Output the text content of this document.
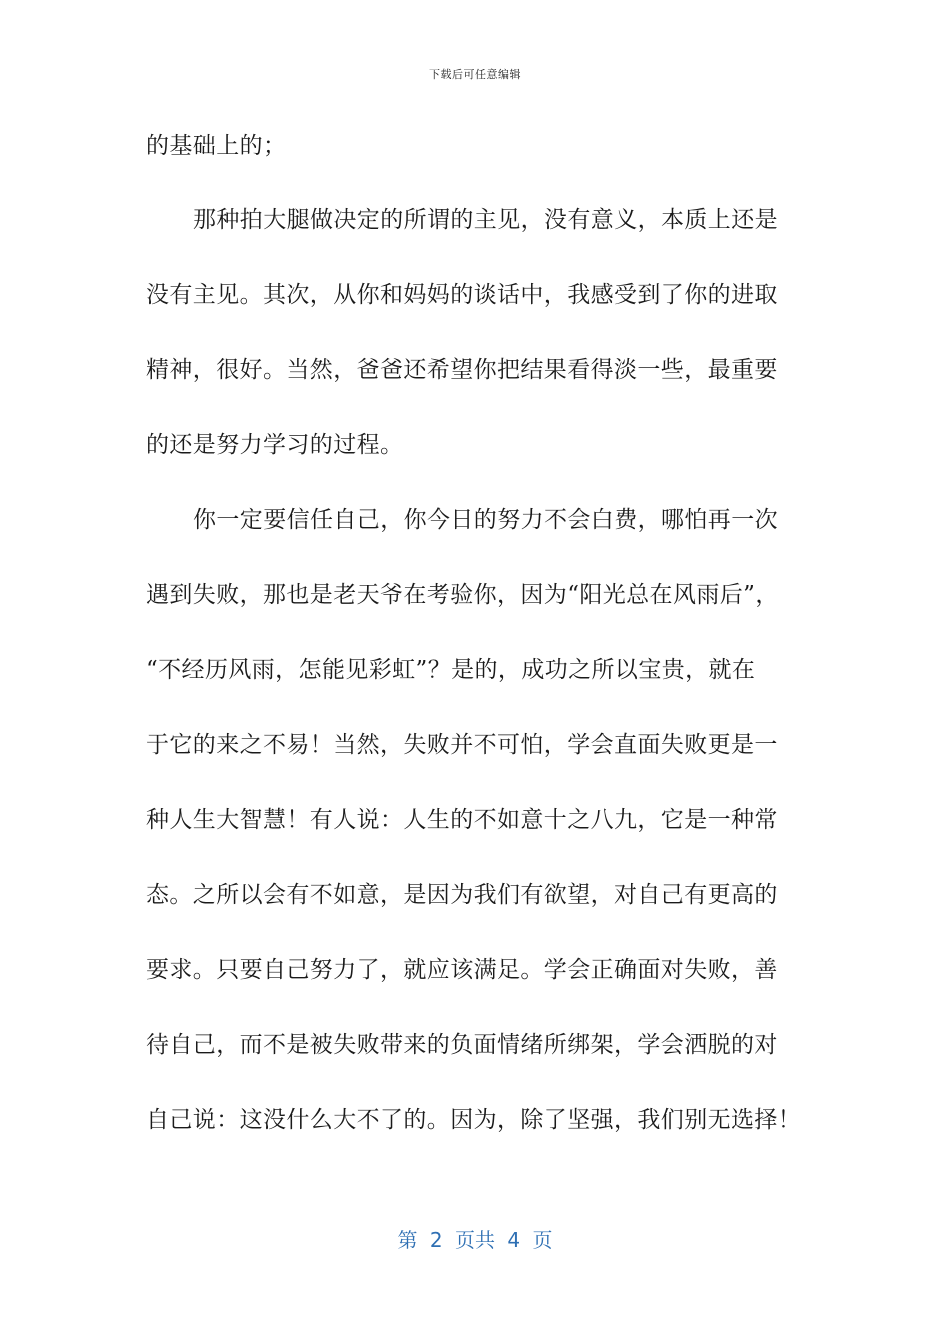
下载后可任意编辑
的基础上的；
那种拍大腿做决定的所谓的主见，没有意义，本质上还是
没有主见。其次，从你和妈妈的谈话中，我感受到了你的进取
精神，很好。当然，爸爸还希望你把结果看得淡一些，最重要
的还是努力学习的过程。
你一定要信任自己，你今日的努力不会白费，哪怕再一次
遇到失败，那也是老天爷在考验你，因为“阳光总在风雨后”，
“不经历风雨，怎能见彩虹”？是的，成功之所以宝贵，就在
于它的来之不易！当然，失败并不可怕，学会直面失败更是一
种人生大智慧！有人说：人生的不如意十之八九，它是一种常
态。之所以会有不如意，是因为我们有欲望，对自己有更高的
要求。只要自己努力了，就应该满足。学会正确面对失败，善
待自己，而不是被失败带来的负面情绪所绑架，学会洒脱的对
自己说：这没什么大不了的。因为，除了坚强，我们别无选择！
第 2 页共 4 页
